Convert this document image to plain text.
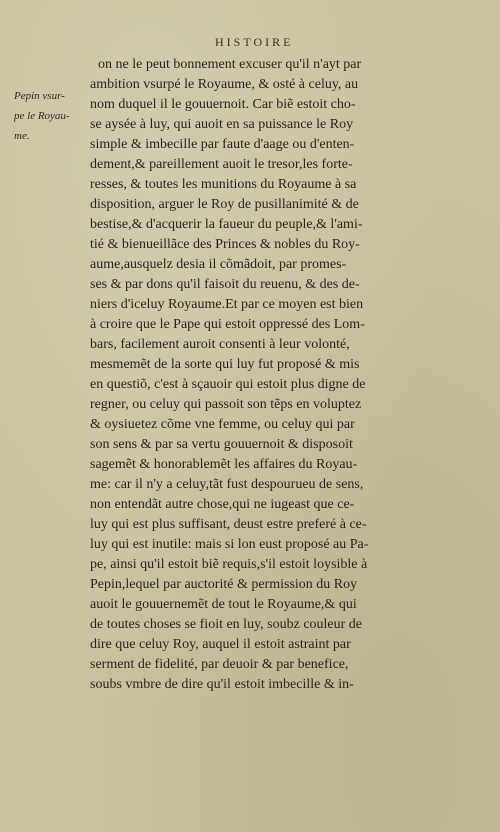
HISTOIRE
Pepin vsur-
pe le Royau-
me.
on ne le peut bonnement excuser qu'il n'ayt par
ambition vsurpé le Royaume, & osté à celuy, au
nom duquel il le gouuernoit. Car biẽ estoit cho-
se aysée à luy, qui auoit en sa puissance le Roy
simple & imbecille par faute d'aage ou d'enten-
dement,& pareillement auoit le tresor,les forte-
resses, & toutes les munitions du Royaume à sa
disposition, arguer le Roy de pusillanimité & de
bestise,& d'acquerir la faueur du peuple,& l'ami-
tié & bienueillãce des Princes & nobles du Roy-
aume,ausquelz desia il cõmãdoit, par promes-
ses & par dons qu'il faisoit du reuenu, & des de-
niers d'iceluy Royaume.Et par ce moyen est bien
à croire que le Pape qui estoit oppressé des Lom-
bars, facilement auroit consenti à leur volonté,
mesmemẽt de la sorte qui luy fut proposé & mis
en questiõ, c'est à sçauoir qui estoit plus digne de
regner, ou celuy qui passoit son tẽps en voluptez
& oysiuetez cõme vne femme, ou celuy qui par
son sens & par sa vertu gouuernoit & disposoit
sagemẽt & honorablemẽt les affaires du Royau-
me: car il n'y a celuy,tãt fust despourueu de sens,
non entendãt autre chose,qui ne iugeast que ce-
luy qui est plus suffisant, deust estre preferé à ce-
luy qui est inutile: mais si lon eust proposé au Pa-
pe, ainsi qu'il estoit biẽ requis,s'il estoit loysible à
Pepin,lequel par auctorité & permission du Roy
auoit le gouuernemẽt de tout le Royaume,& qui
de toutes choses se fioit en luy, soubz couleur de
dire que celuy Roy, auquel il estoit astraint par
serment de fidelité, par deuoir & par benefice,
soubs vmbre de dire qu'il estoit imbecille & in-
